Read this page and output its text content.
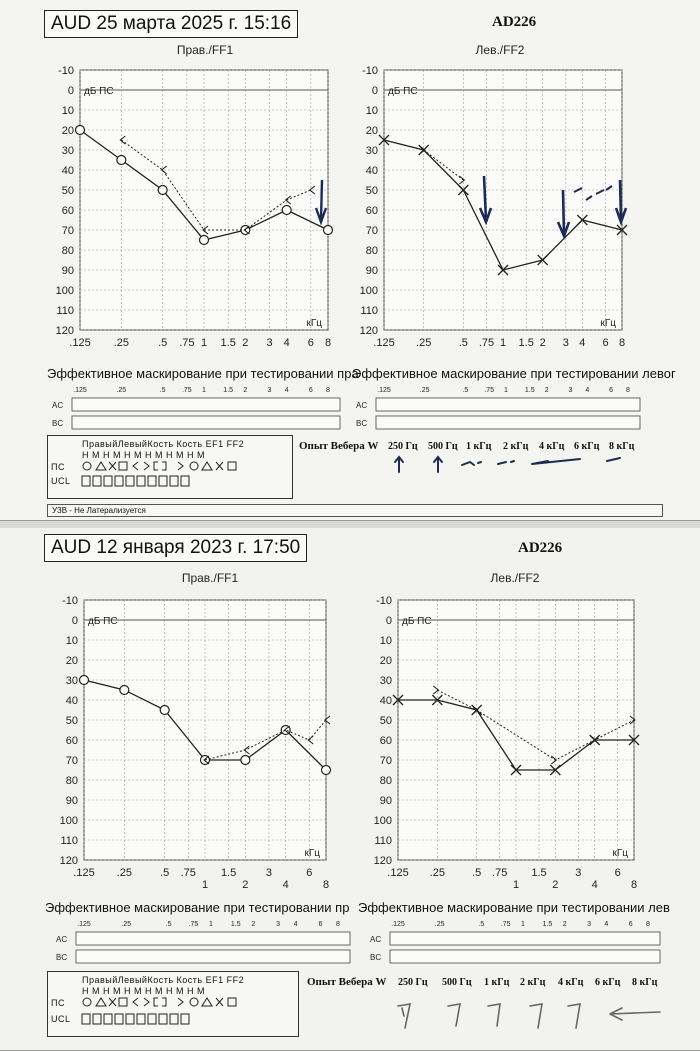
AUD 25 марта 2025 г. 15:16	AD226
Прав./FF1
-10
0
10
20
30
40
50
60
70
80
90
100
110
120
.125 .25	.5 .75 1 1.5 2 3 4 6 8
дБ ПС
кГц
Лев./FF2
-10
0
10
20
30
40
50
60
70
80
90
100
110
120
.125 .25 .5 .75 1 1.5 2 3 4 6 8
дБ ПС
кГц
Эффективное маскирование при тестировании пра
Эффективное маскирование при тестировании левог
.125	.25	.5 .75 1 1.5 2	3 4	6 8
AC
BC
.125	.25	.5 .75 1 1.5 2	3 4	6 8
AC
BC
ПравыйЛевыйКость Кость EF1 FF2
Н М Н М Н М Н М Н М Н М
ПС
UCL
Опыт Вебера W 250 Гц 500 Гц 1 кГц 2 кГц 4 кГц 6 кГц 8 кГц
УЗВ - Не Латерализуется
AUD 12 января 2023 г. 17:50	AD226
Прав./FF1
-10
0
10
20
30
40
50
60
70
80
90
100
110
120
.125 .25	.5 .75
1
1.5
2
3
4
6
8
дБ ПС
кГц
Лев./FF2
-10
0
10
20
30
40
50
60
70
80
90
100
110
120
.125 .25 .5 .75
1
1.5
2
3
4
6
8
дБ ПС
кГц
Эффективное маскирование при тестировании пр Эффективное маскирование при тестировании лев
.125	.25	.5 .75 1	1.5 2	3 4	6 8
AC
BC
.125	.25	.5 .75 1	1.5 2	3 4	6 8
AC
BC
ПравыйЛевыйКость Кость EF1 FF2
Н М Н М Н М Н М Н М Н М
ПС
UCL
Опыт Вебера W 250 Гц 500 Гц 1 кГц 2 кГц 4 кГц 6 кГц 8 кГц
